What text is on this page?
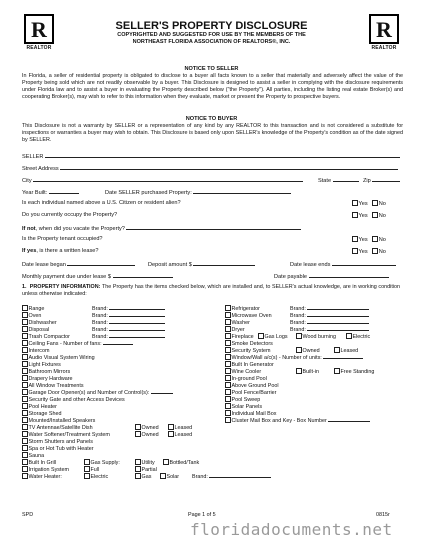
R
REALTOR
R
REALTOR
SELLER'S PROPERTY DISCLOSURE
COPYRIGHTED AND SUGGESTED FOR USE BY THE MEMBERS OF THE
NORTHEAST FLORIDA ASSOCIATION OF REALTORS®, INC.
NOTICE TO SELLER
In Florida, a seller of residential property is obligated to disclose to a buyer all facts known to a seller that materially and adversely affect the value of the Property being sold which are not readily observable by a buyer. This Disclosure is designed to assist a seller in complying with the disclosure requirements under Florida law and to assist a buyer in evaluating the Property described below ("the Property"). All parties, including the listing real estate Broker(s) and cooperating Broker(s), may wish to refer to this information when they evaluate, market or present the Property to prospective buyers.
NOTICE TO BUYER
This Disclosure is not a warranty by SELLER or a representation of any kind by any REALTOR to this transaction and is not considered a substitute for inspections or warranties a buyer may wish to obtain. This Disclosure is based only upon SELLER's knowledge of the Property's condition as of the date signed by SELLER.
SELLER
Street Address
City	State	Zip
Year Built:	Date SELLER purchased Property:
Is each individual named above a U.S. Citizen or resident alien?	Yes No
Do you currently occupy the Property?	Yes No
If not, when did you vacate the Property?
Is the Property tenant occupied?	Yes No
If yes, is there a written lease?	Yes No
Date lease began	Deposit amount $	Date lease ends
Monthly payment due under lease $	Date payable
1. PROPERTY INFORMATION: The Property has the items checked below, which are installed and, to SELLER's actual knowledge, are in working condition unless otherwise indicated:
Range	Brand:
Oven	Brand:
Dishwasher	Brand:
Disposal	Brand:
Trash Compactor	Brand:
Ceiling Fans - Number of fans:
Intercom
Audio Visual System Wiring
Light Fixtures
Bathroom Mirrors
Drapery Hardware
All Window Treatments
Garage Door Opener(s) and Number of Control(s):
Security Gate and other Access Devices
Pool Heater
Storage Shed
Mounted/Installed Speakers
TV Antennae/Satellite Dish	Owned	Leased
Water Softener/Treatment System	Owned	Leased
Storm Shutters and Panels
Spa or Hot Tub with Heater
Sauna
Built In Grill	Gas Supply:	Utility	Bottled/Tank
Irrigation System	Full	Partial
Water Heater:	Electric	Gas	Solar Brand:
Refrigerator	Brand:
Microwave Oven	Brand:
Washer	Brand:
Dryer	Brand:
Fireplace	Gas Logs	Wood burning	Electric
Smoke Detectors
Security System	Owned	Leased
Window/Wall a/c(s) - Number of units:
Built In Generator
Wine Cooler	Built-in	Free Standing
In-ground Pool
Above Ground Pool
Pool Fence/Barrier
Pool Sweep
Solar Panels
Individual Mail Box
Cluster Mail Box and Key - Box Number
SPD	Page 1 of 5	0815r
floridadocuments.net
